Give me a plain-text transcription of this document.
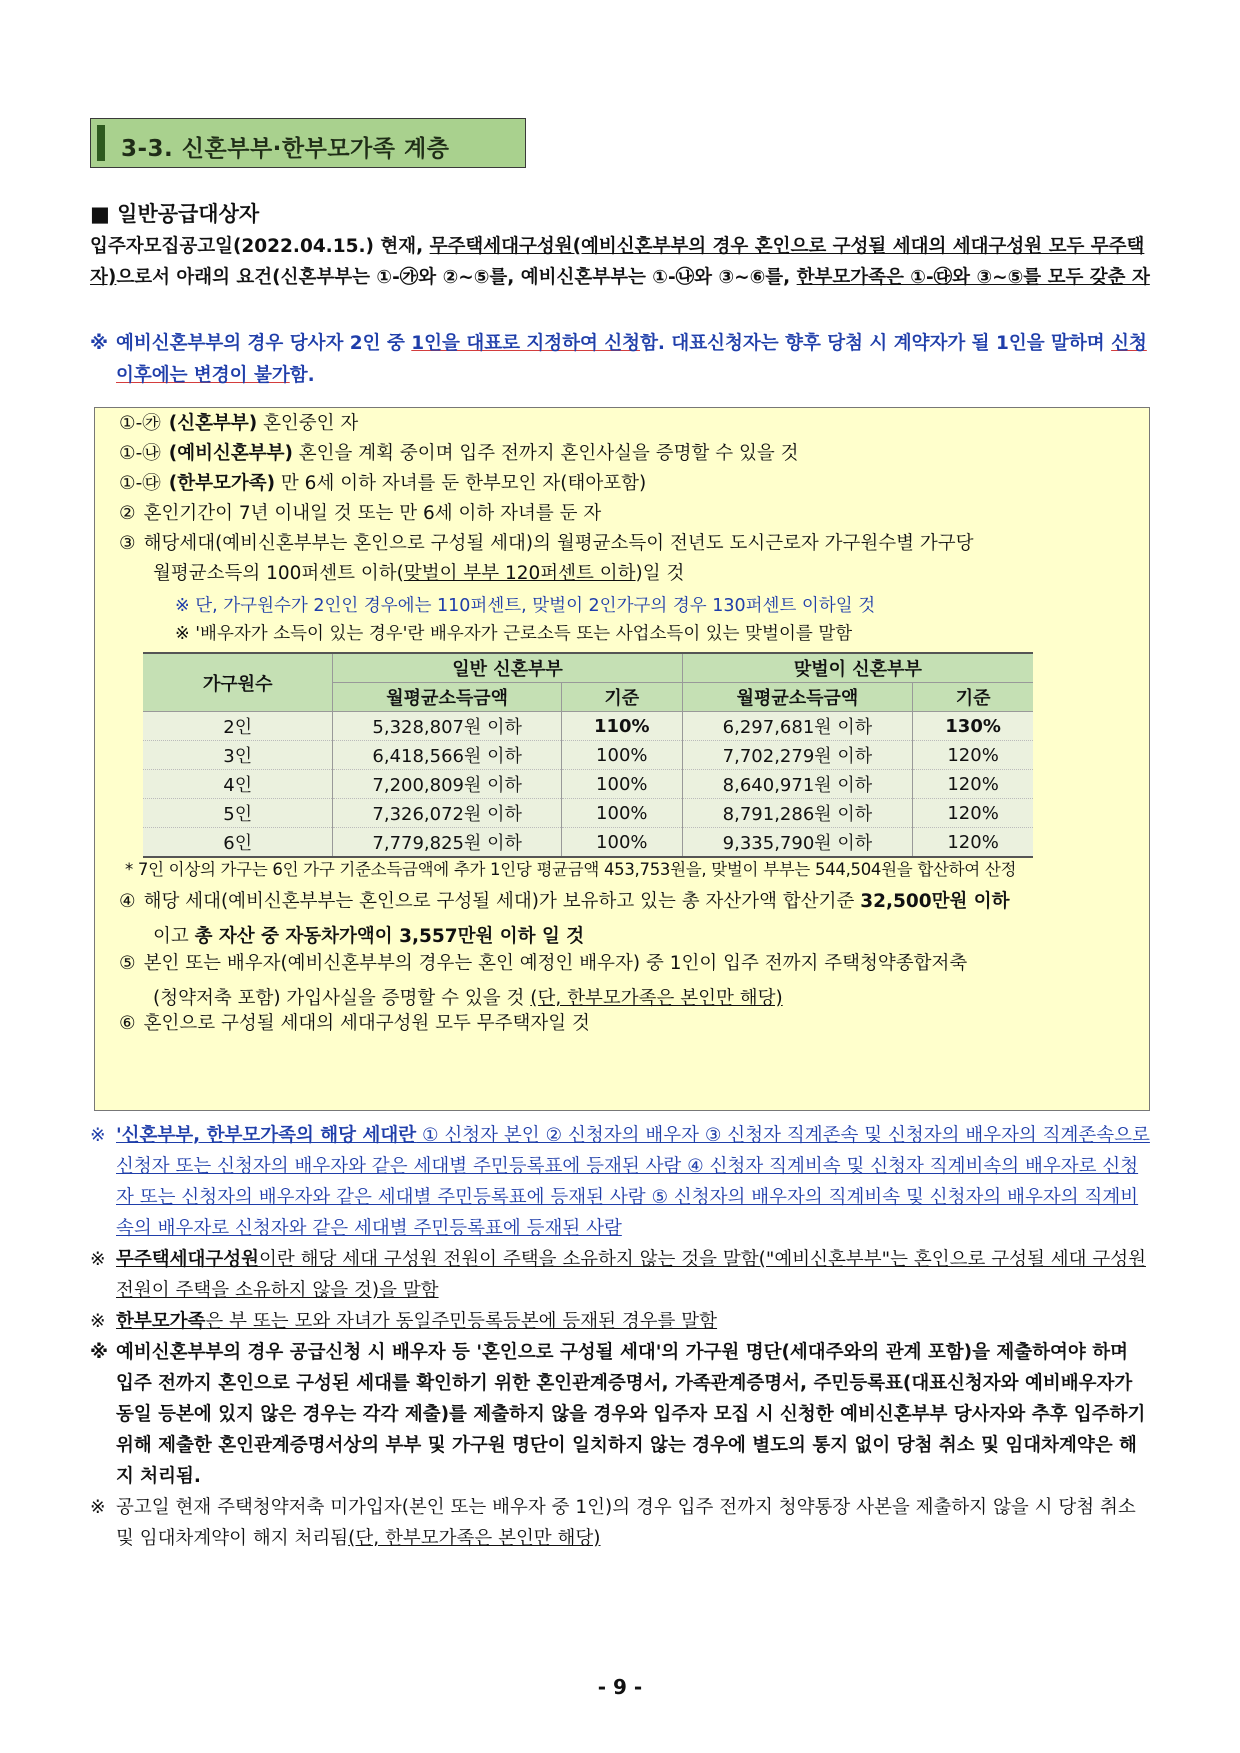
3-3. 신혼부부·한부모가족 계층
■ 일반공급대상자
입주자모집공고일(2022.04.15.) 현재, 무주택세대구성원(예비신혼부부의 경우 혼인으로 구성될 세대의 세대구성원 모두 무주택자)으로서 아래의 요건(신혼부부는 ①-㉮와 ②~⑤를, 예비신혼부부는 ①-㉯와 ③~⑥를, 한부모가족은 ①-㉰와 ③~⑤를 모두 갖춘 자
※ 예비신혼부부의 경우 당사자 2인 중 1인을 대표로 지정하여 신청함. 대표신청자는 향후 당첨 시 계약자가 될 1인을 말하며 신청 이후에는 변경이 불가함.
①-㉮ (신혼부부) 혼인중인 자
①-㉯ (예비신혼부부) 혼인을 계획 중이며 입주 전까지 혼인사실을 증명할 수 있을 것
①-㉰ (한부모가족) 만 6세 이하 자녀를 둔 한부모인 자(태아포함)
② 혼인기간이 7년 이내일 것 또는 만 6세 이하 자녀를 둔 자
③ 해당세대(예비신혼부부는 혼인으로 구성될 세대)의 월평균소득이 전년도 도시근로자 가구원수별 가구당
월평균소득의 100퍼센트 이하(맞벌이 부부 120퍼센트 이하)일 것
※ 단, 가구원수가 2인인 경우에는 110퍼센트, 맞벌이 2인가구의 경우 130퍼센트 이하일 것
※ '배우자가 소득이 있는 경우'란 배우자가 근로소득 또는 사업소득이 있는 맞벌이를 말함
가구원수	일반 신혼부부		맞벌이 신혼부부	
	월평균소득금액	기준	월평균소득금액	기준
2인	5,328,807원 이하	110%	6,297,681원 이하	130%
3인	6,418,566원 이하	100%	7,702,279원 이하	120%
4인	7,200,809원 이하	100%	8,640,971원 이하	120%
5인	7,326,072원 이하	100%	8,791,286원 이하	120%
6인	7,779,825원 이하	100%	9,335,790원 이하	120%
* 7인 이상의 가구는 6인 가구 기준소득금액에 추가 1인당 평균금액 453,753원을, 맞벌이 부부는 544,504원을 합산하여 산정
④ 해당 세대(예비신혼부부는 혼인으로 구성될 세대)가 보유하고 있는 총 자산가액 합산기준 32,500만원 이하
이고 총 자산 중 자동차가액이 3,557만원 이하 일 것
⑤ 본인 또는 배우자(예비신혼부부의 경우는 혼인 예정인 배우자) 중 1인이 입주 전까지 주택청약종합저축
(청약저축 포함) 가입사실을 증명할 수 있을 것 (단, 한부모가족은 본인만 해당)
⑥ 혼인으로 구성될 세대의 세대구성원 모두 무주택자일 것

※ '신혼부부, 한부모가족의 해당 세대란 ① 신청자 본인 ② 신청자의 배우자 ③ 신청자 직계존속 및 신청자의 배우자의 직계존속으로 신청자 또는 신청자의 배우자와 같은 세대별 주민등록표에 등재된 사람 ④ 신청자 직계비속 및 신청자 직계비속의 배우자로 신청자 또는 신청자의 배우자와 같은 세대별 주민등록표에 등재된 사람 ⑤ 신청자의 배우자의 직계비속 및 신청자의 배우자의 직계비속의 배우자로 신청자와 같은 세대별 주민등록표에 등재된 사람

※ 무주택세대구성원이란 해당 세대 구성원 전원이 주택을 소유하지 않는 것을 말함("예비신혼부부"는 혼인으로 구성될 세대 구성원 전원이 주택을 소유하지 않을 것)을 말함

※ 한부모가족은 부 또는 모와 자녀가 동일주민등록등본에 등재된 경우를 말함

※ 예비신혼부부의 경우 공급신청 시 배우자 등 '혼인으로 구성될 세대'의 가구원 명단(세대주와의 관계 포함)을 제출하여야 하며 입주 전까지 혼인으로 구성된 세대를 확인하기 위한 혼인관계증명서, 가족관계증명서, 주민등록표(대표신청자와 예비배우자가 동일 등본에 있지 않은 경우는 각각 제출)를 제출하지 않을 경우와 입주자 모집 시 신청한 예비신혼부부 당사자와 추후 입주하기 위해 제출한 혼인관계증명서상의 부부 및 가구원 명단이 일치하지 않는 경우에 별도의 통지 없이 당첨 취소 및 임대차계약은 해지 처리됨.

※ 공고일 현재 주택청약저축 미가입자(본인 또는 배우자 중 1인)의 경우 입주 전까지 청약통장 사본을 제출하지 않을 시 당첨 취소 및 임대차계약이 해지 처리됨(단, 한부모가족은 본인만 해당)

- 9 -
